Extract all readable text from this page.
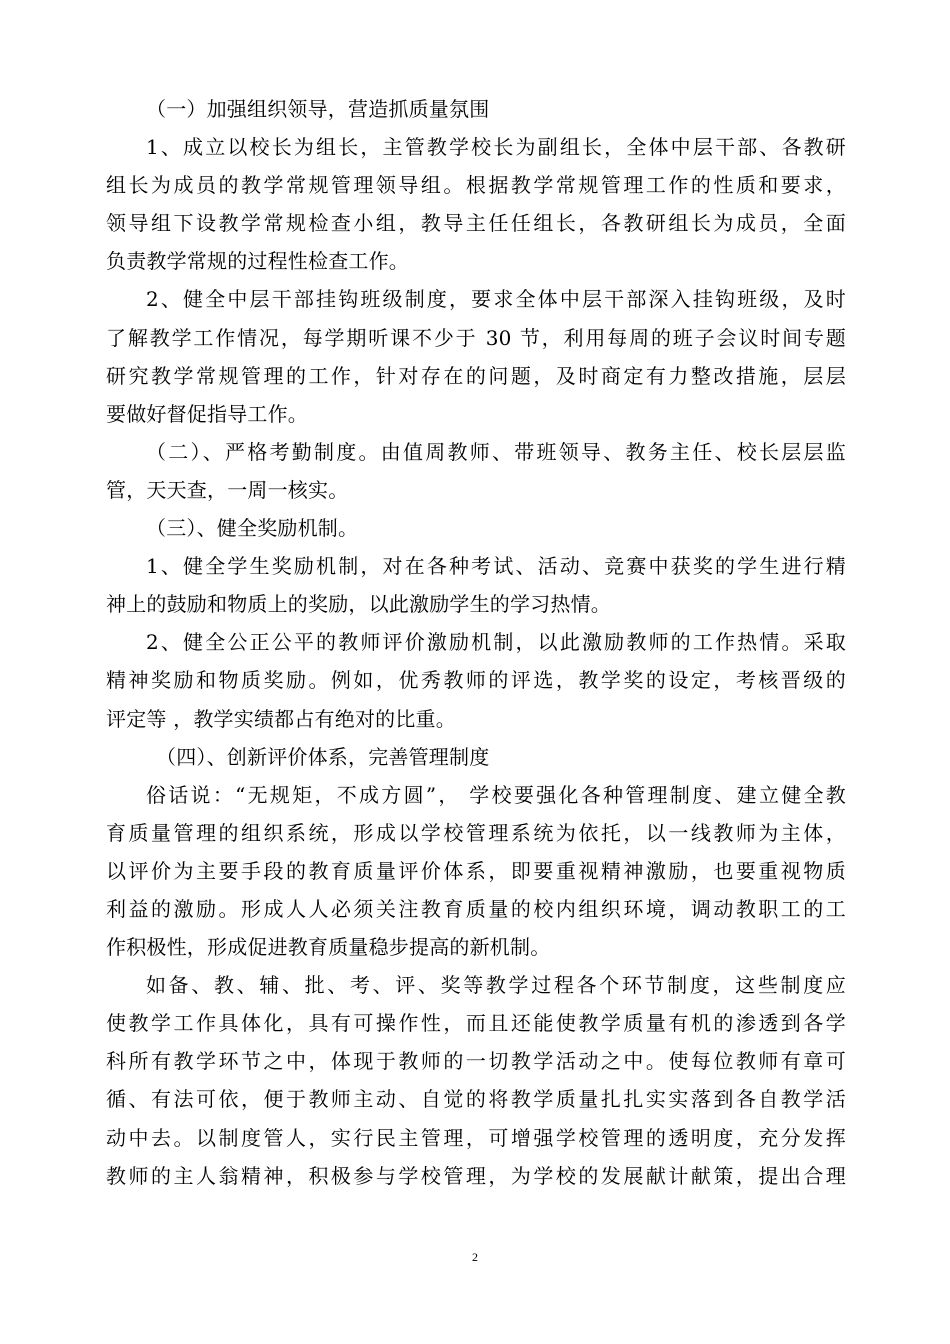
（一）加强组织领导，营造抓质量氛围
1、成立以校长为组长，主管教学校长为副组长，全体中层干部、各教研
组长为成员的教学常规管理领导组。根据教学常规管理工作的性质和要求，
领导组下设教学常规检查小组，教导主任任组长，各教研组长为成员，全面
负责教学常规的过程性检查工作。
2、健全中层干部挂钩班级制度，要求全体中层干部深入挂钩班级，及时
了解教学工作情况，每学期听课不少于 30 节，利用每周的班子会议时间专题
研究教学常规管理的工作，针对存在的问题，及时商定有力整改措施，层层
要做好督促指导工作。
（二）、严格考勤制度。由值周教师、带班领导、教务主任、校长层层监
管，天天查，一周一核实。
（三）、健全奖励机制。
1、健全学生奖励机制，对在各种考试、活动、竞赛中获奖的学生进行精
神上的鼓励和物质上的奖励，以此激励学生的学习热情。
2、健全公正公平的教师评价激励机制，以此激励教师的工作热情。采取
精神奖励和物质奖励。例如，优秀教师的评选，教学奖的设定，考核晋级的
评定等 ，教学实绩都占有绝对的比重。
（四）、创新评价体系，完善管理制度
俗话说：“无规矩，不成方圆”， 学校要强化各种管理制度、建立健全教
育质量管理的组织系统，形成以学校管理系统为依托，以一线教师为主体，
以评价为主要手段的教育质量评价体系，即要重视精神激励，也要重视物质
利益的激励。形成人人必须关注教育质量的校内组织环境，调动教职工的工
作积极性，形成促进教育质量稳步提高的新机制。
如备、教、辅、批、考、评、奖等教学过程各个环节制度，这些制度应
使教学工作具体化，具有可操作性，而且还能使教学质量有机的渗透到各学
科所有教学环节之中，体现于教师的一切教学活动之中。使每位教师有章可
循、有法可依，便于教师主动、自觉的将教学质量扎扎实实落到各自教学活
动中去。以制度管人，实行民主管理，可增强学校管理的透明度，充分发挥
教师的主人翁精神，积极参与学校管理，为学校的发展献计献策，提出合理
2
